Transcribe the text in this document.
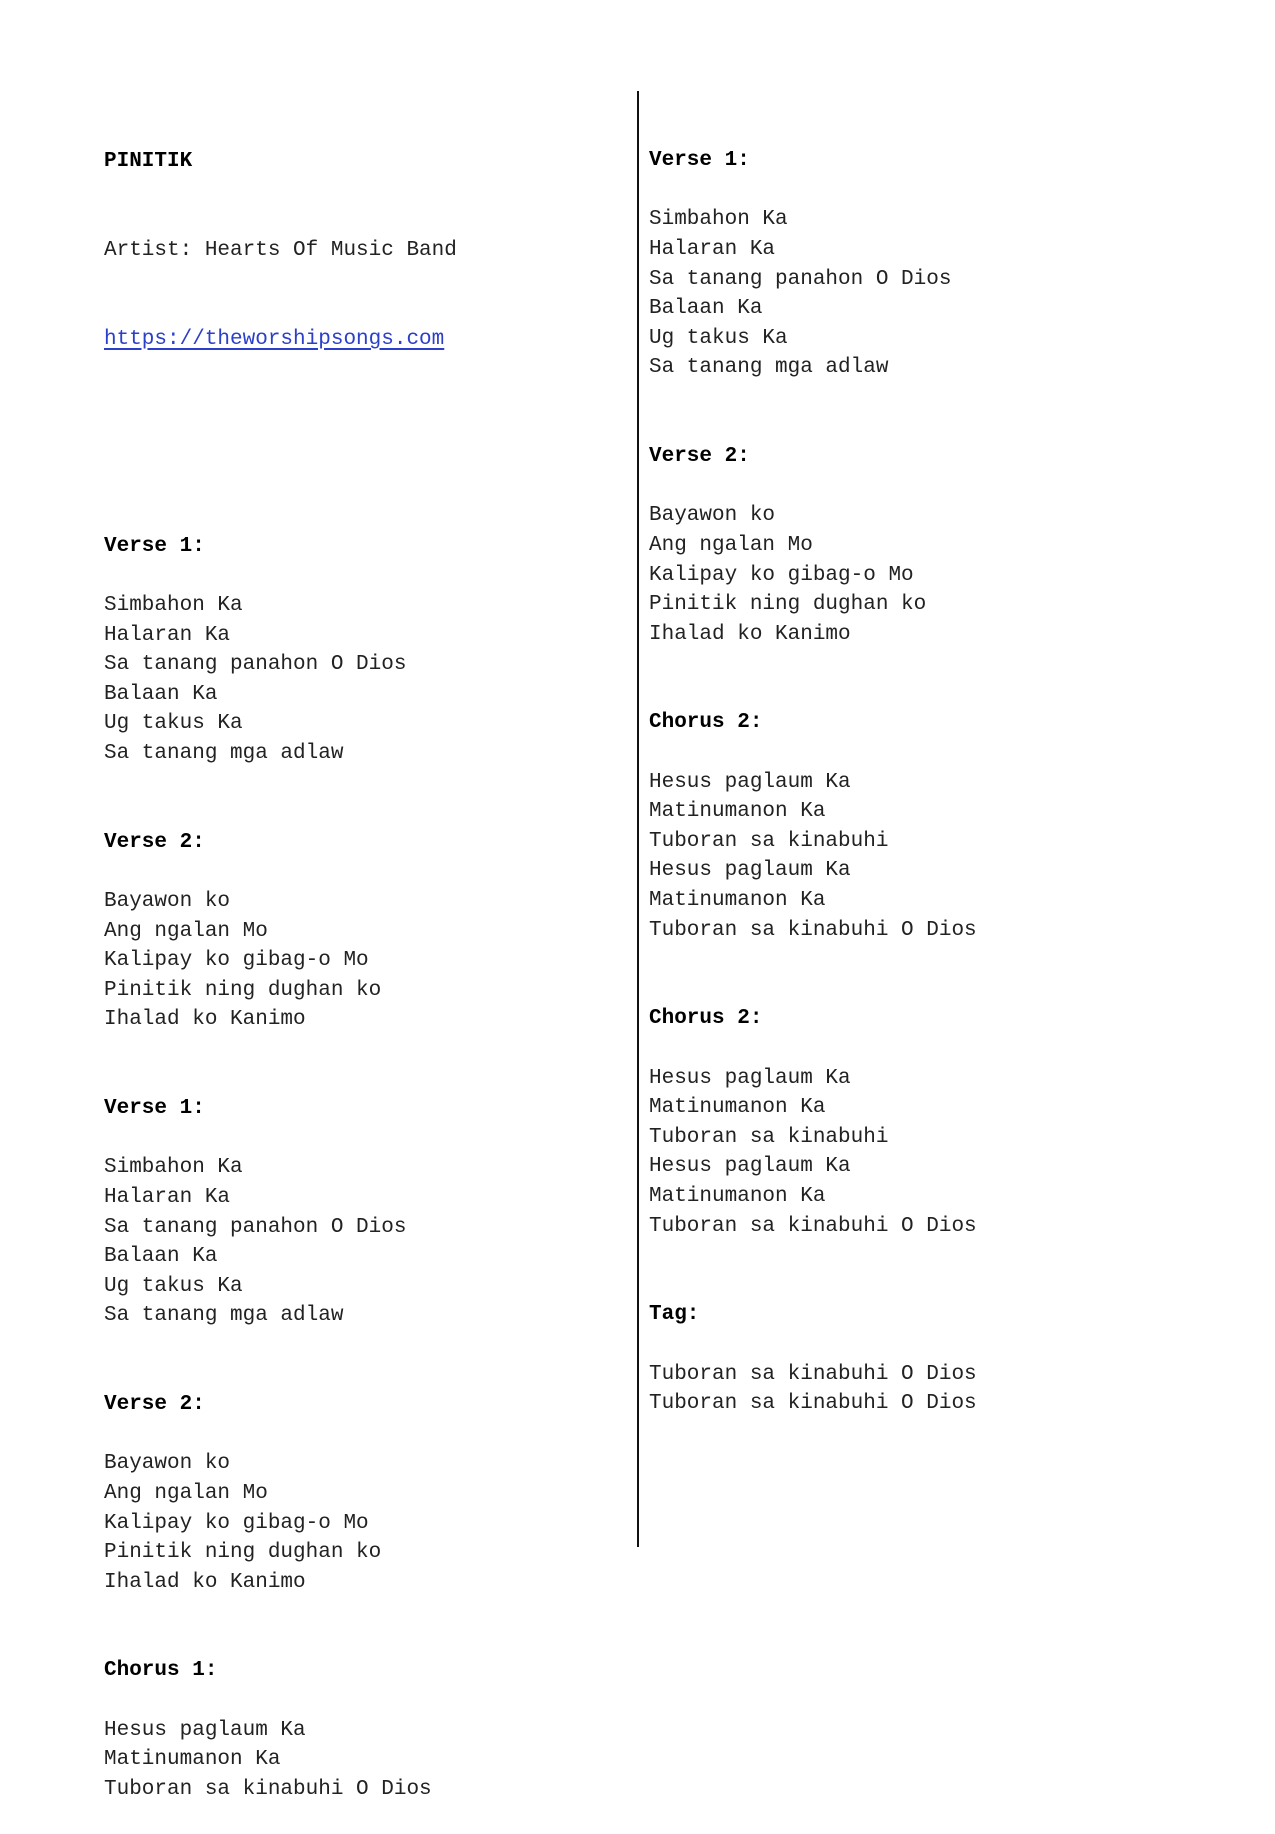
PINITIK

Artist: Hearts Of Music Band

https://theworshipsongs.com

Verse 1:
Simbahon Ka
Halaran Ka
Sa tanang panahon O Dios
Balaan Ka
Ug takus Ka
Sa tanang mga adlaw
Verse 2:
Bayawon ko
Ang ngalan Mo
Kalipay ko gibag-o Mo
Pinitik ning dughan ko
Ihalad ko Kanimo
Verse 1:
Simbahon Ka
Halaran Ka
Sa tanang panahon O Dios
Balaan Ka
Ug takus Ka
Sa tanang mga adlaw
Verse 2:
Bayawon ko
Ang ngalan Mo
Kalipay ko gibag-o Mo
Pinitik ning dughan ko
Ihalad ko Kanimo
Chorus 1:
Hesus paglaum Ka
Matinumanon Ka
Tuboran sa kinabuhi O Dios

Verse 1:
Simbahon Ka
Halaran Ka
Sa tanang panahon O Dios
Balaan Ka
Ug takus Ka
Sa tanang mga adlaw
Verse 2:
Bayawon ko
Ang ngalan Mo
Kalipay ko gibag-o Mo
Pinitik ning dughan ko
Ihalad ko Kanimo
Chorus 2:
Hesus paglaum Ka
Matinumanon Ka
Tuboran sa kinabuhi
Hesus paglaum Ka
Matinumanon Ka
Tuboran sa kinabuhi O Dios
Chorus 2:
Hesus paglaum Ka
Matinumanon Ka
Tuboran sa kinabuhi
Hesus paglaum Ka
Matinumanon Ka
Tuboran sa kinabuhi O Dios
Tag:
Tuboran sa kinabuhi O Dios
Tuboran sa kinabuhi O Dios
